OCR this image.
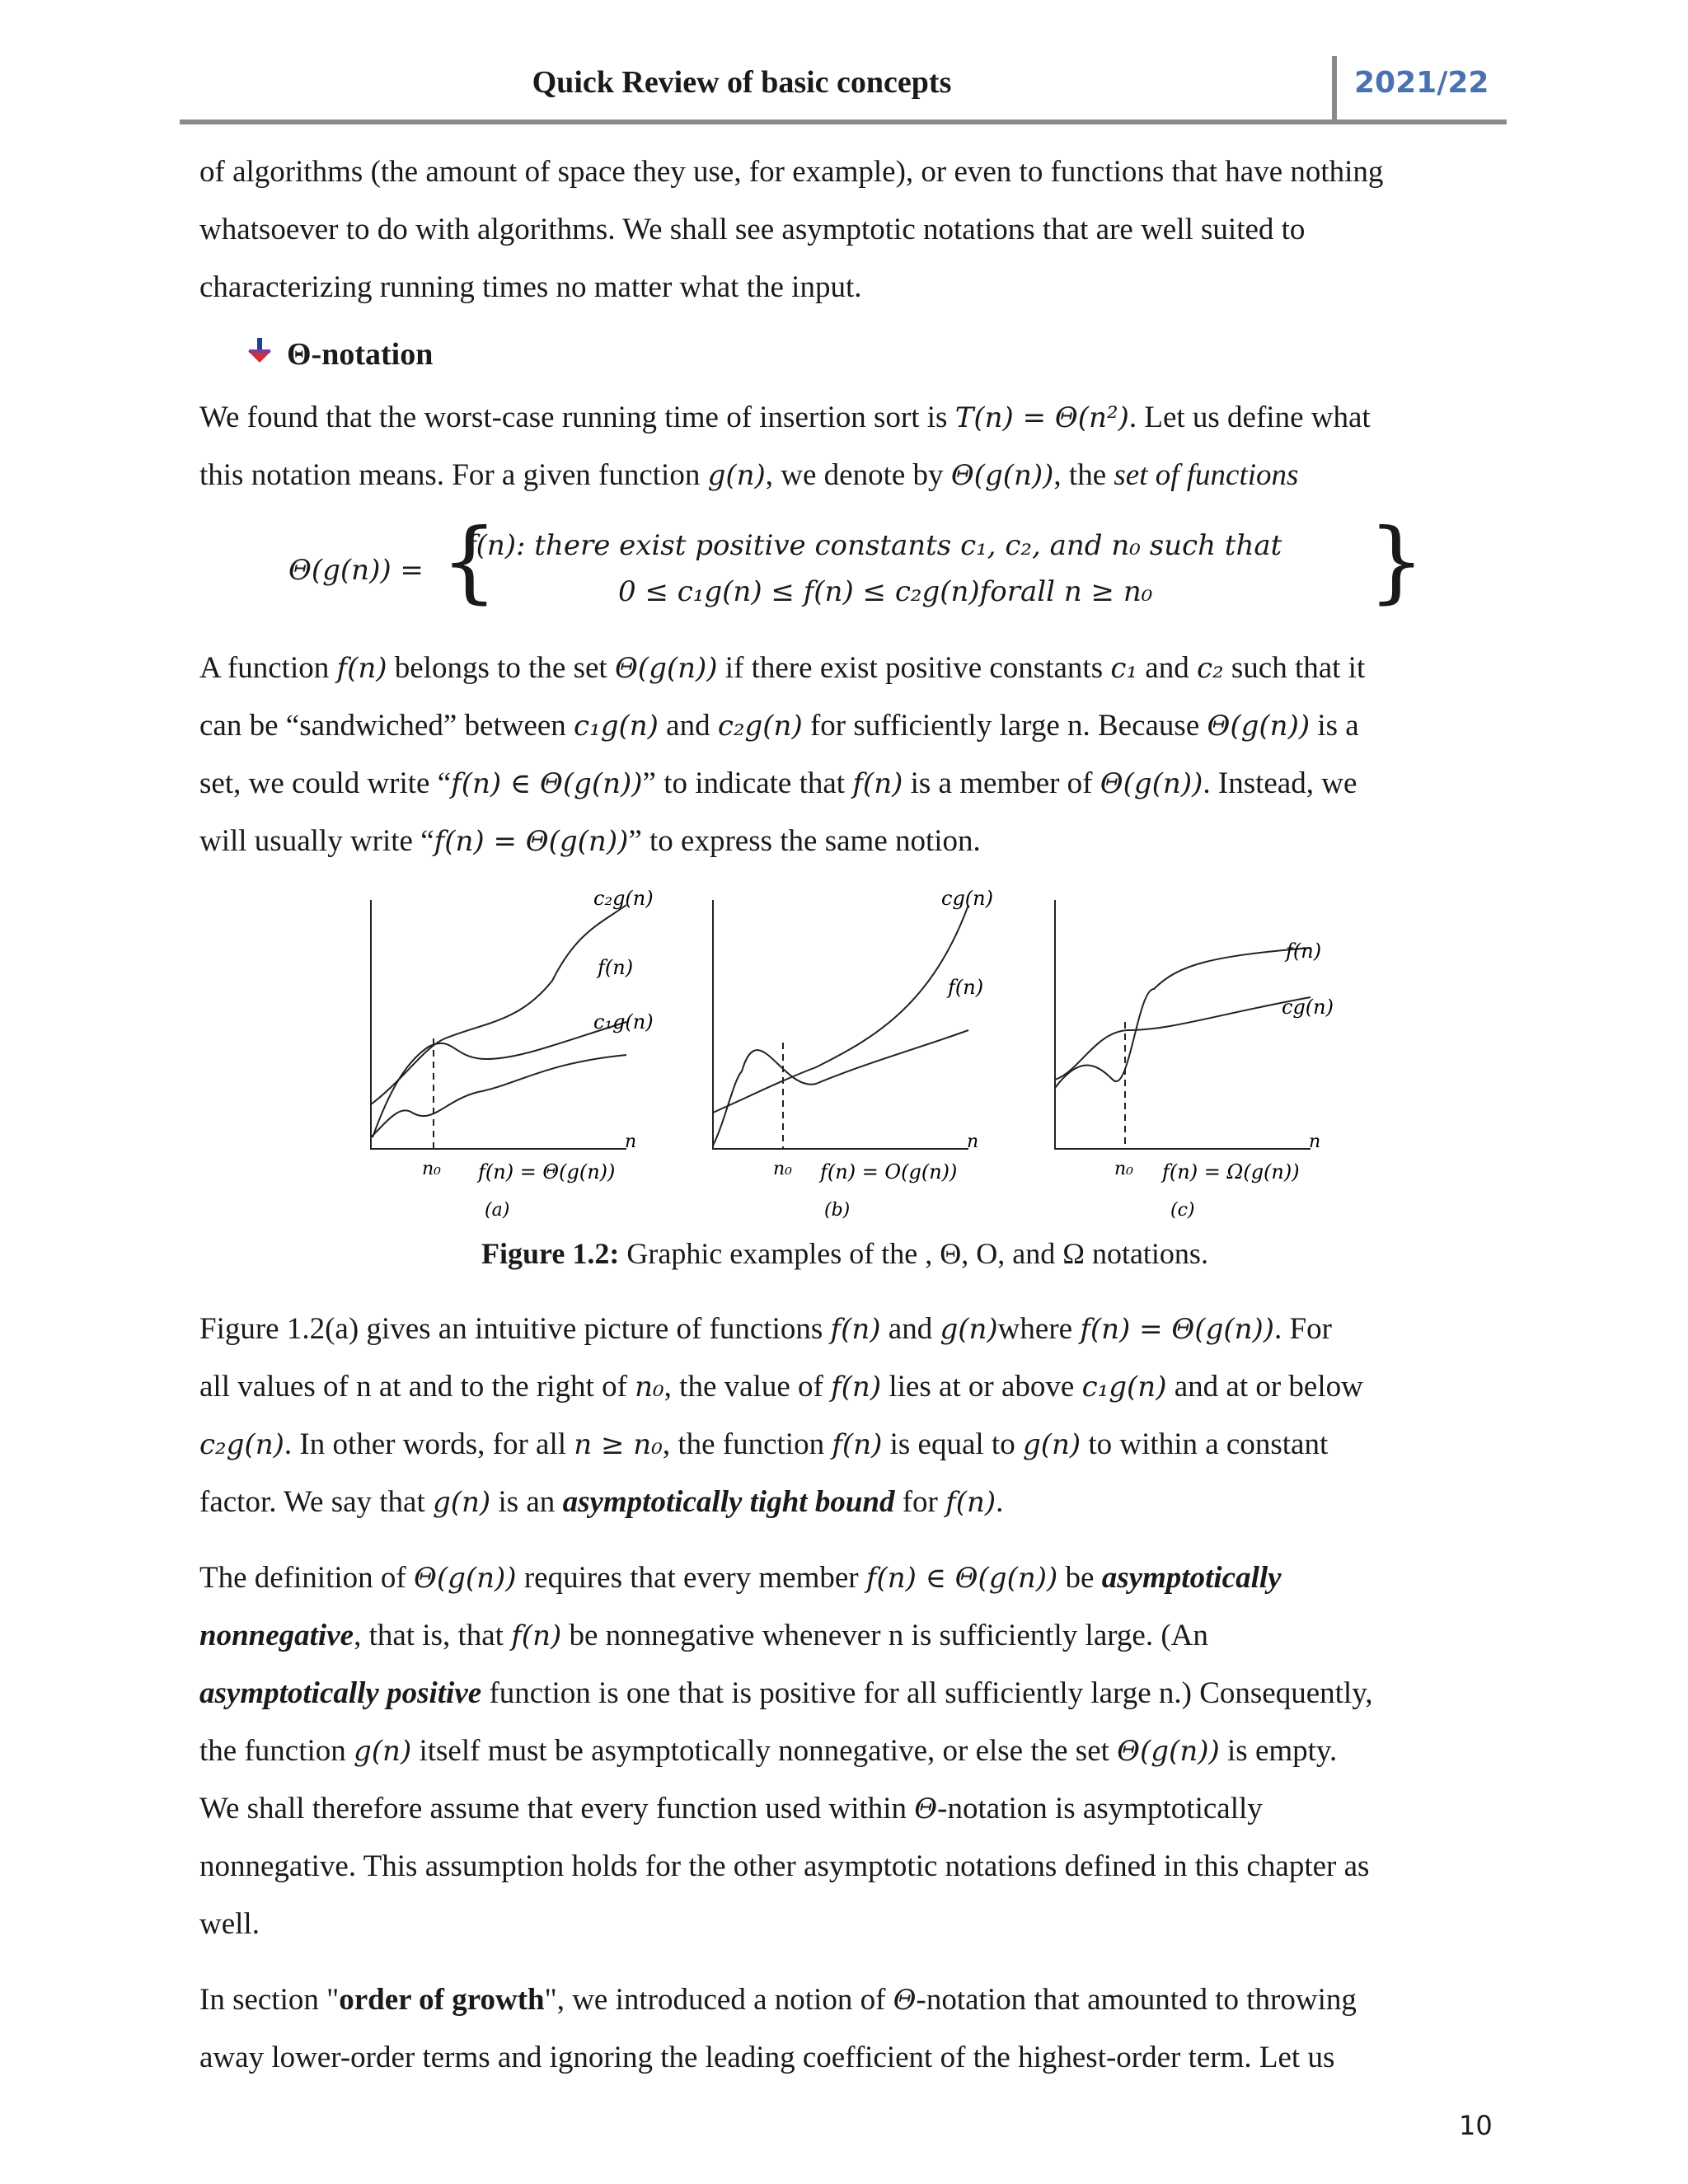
Quick Review of basic concepts	2021/22
of algorithms (the amount of space they use, for example), or even to functions that have nothing
whatsoever to do with algorithms. We shall see asymptotic notations that are well suited to
characterizing running times no matter what the input.
Θ-notation
We found that the worst-case running time of insertion sort is T(n) = Θ(n²). Let us define what
this notation means. For a given function g(n), we denote by Θ(g(n)), the set of functions
Θ(g(n)) = {
f(n): there exist positive constants c₁, c₂, and n₀ such that
0 ≤ c₁g(n) ≤ f(n) ≤ c₂g(n)forall n ≥ n₀ }
A function f(n) belongs to the set Θ(g(n)) if there exist positive constants c₁ and c₂ such that it
can be “sandwiched” between c₁g(n) and c₂g(n) for sufficiently large n. Because Θ(g(n)) is a
set, we could write “f(n) ∈ Θ(g(n))” to indicate that f(n) is a member of Θ(g(n)). Instead, we
will usually write “f(n) = Θ(g(n))” to express the same notion.
c₂g(n)
f(n)
c₁g(n)
n₀
n
f(n) = Θ(g(n))
(a)
cg(n)
f(n)
n₀
n
f(n) = O(g(n))
(b)
f(n)
cg(n)
n₀
n
f(n) = Ω(g(n))
(c)
Figure 1.2: Graphic examples of the , Θ, O, and Ω notations.
Figure 1.2(a) gives an intuitive picture of functions f(n) and g(n)where f(n) = Θ(g(n)). For
all values of n at and to the right of n₀, the value of f(n) lies at or above c₁g(n) and at or below
c₂g(n). In other words, for all n ≥ n₀, the function f(n) is equal to g(n) to within a constant
factor. We say that g(n) is an asymptotically tight bound for f(n).
The definition of Θ(g(n)) requires that every member f(n) ∈ Θ(g(n)) be asymptotically
nonnegative, that is, that f(n) be nonnegative whenever n is sufficiently large. (An
asymptotically positive function is one that is positive for all sufficiently large n.) Consequently,
the function g(n) itself must be asymptotically nonnegative, or else the set Θ(g(n)) is empty.
We shall therefore assume that every function used within Θ-notation is asymptotically
nonnegative. This assumption holds for the other asymptotic notations defined in this chapter as
well.
In section "order of growth", we introduced a notion of Θ-notation that amounted to throwing
away lower-order terms and ignoring the leading coefficient of the highest-order term. Let us
10
